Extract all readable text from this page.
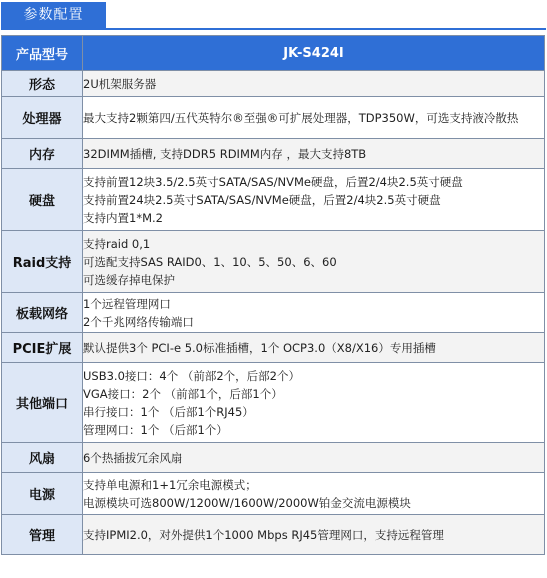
参数配置
产品型号	JK-S424I
形态	2U机架服务器

处理器	最大支持2颗第四/五代英特尔®至强®可扩展处理器，TDP350W，可选支持液冷散热

内存	32DIMM插槽, 支持DDR5 RDIMM内存 ，最大支持8TB

硬盘	支持前置12块3.5/2.5英寸SATA/SAS/NVMe硬盘，后置2/4块2.5英寸硬盘
支持前置24块2.5英寸SATA/SAS/NVMe硬盘，后置2/4块2.5英寸硬盘
支持内置1*M.2

Raid支持	支持raid 0,1
可选配支持SAS RAID0、1、10、5、50、6、60
可选缓存掉电保护

板载网络	1个远程管理网口
2个千兆网络传输端口

PCIE扩展	默认提供3个 PCI-e 5.0标准插槽，1个 OCP3.0（X8/X16）专用插槽

其他端口	USB3.0接口：4个 （前部2个，后部2个）
VGA接口：2个 （前部1个，后部1个）
串行接口：1个 （后部1个RJ45）
管理网口：1个 （后部1个）

风扇	6个热插拔冗余风扇

电源	支持单电源和1+1冗余电源模式；
电源模块可选800W/1200W/1600W/2000W铂金交流电源模块

管理	支持IPMI2.0，对外提供1个1000 Mbps RJ45管理网口，支持远程管理
